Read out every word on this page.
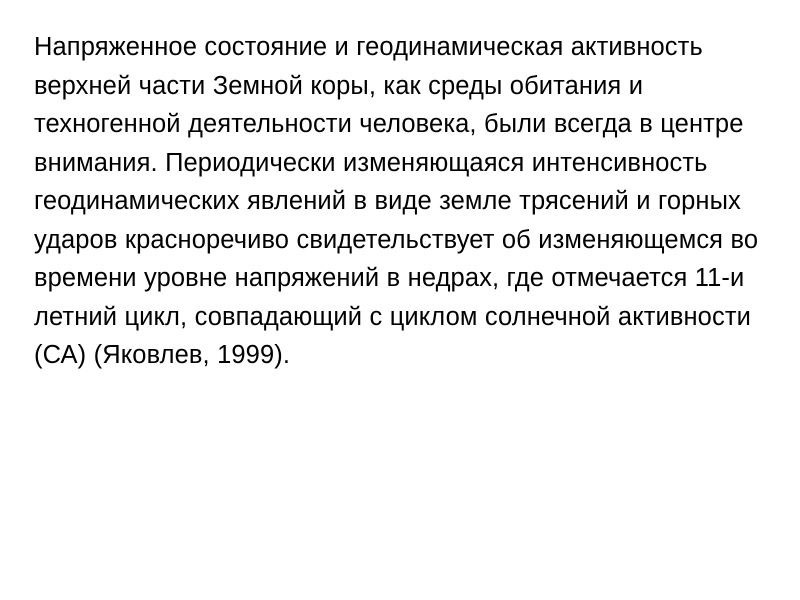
Напряженное состояние и геодинамическая активность верхней части Земной коры, как среды обитания и техногенной деятельности человека, были всегда в центре внимания. Периодически изменяющаяся интенсивность геодинамических явлений в виде земле трясений и горных ударов красноречиво свидетельствует об изменяющемся во времени уровне напряжений в недрах, где отмечается 11-и летний цикл, совпадающий с циклом солнечной активности (СА) (Яковлев, 1999).
